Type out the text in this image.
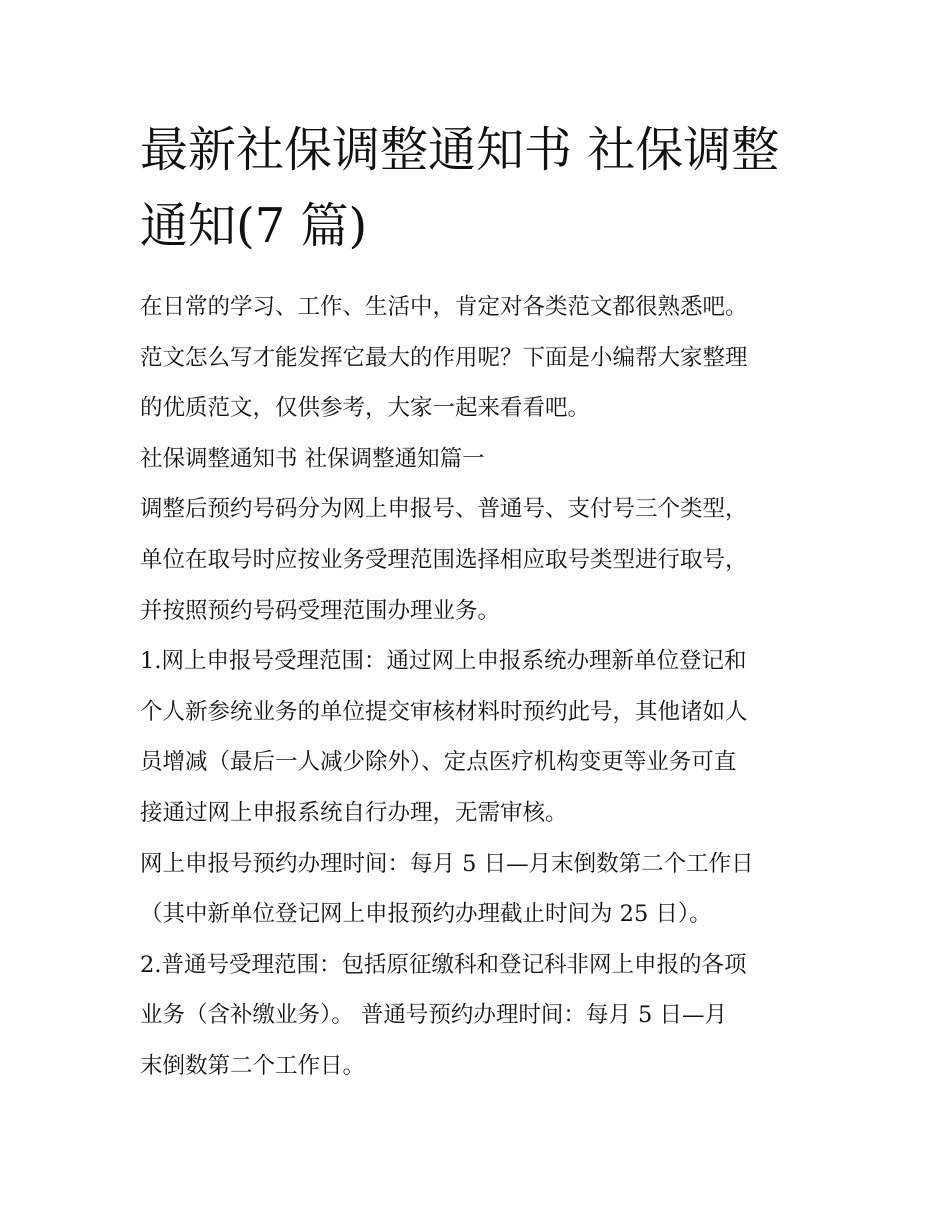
最新社保调整通知书 社保调整
通知(7 篇)

在日常的学习、工作、生活中，肯定对各类范文都很熟悉吧。
范文怎么写才能发挥它最大的作用呢？下面是小编帮大家整理
的优质范文，仅供参考，大家一起来看看吧。

社保调整通知书 社保调整通知篇一

调整后预约号码分为网上申报号、普通号、支付号三个类型，
单位在取号时应按业务受理范围选择相应取号类型进行取号，
并按照预约号码受理范围办理业务。

1.网上申报号受理范围：通过网上申报系统办理新单位登记和
个人新参统业务的单位提交审核材料时预约此号，其他诸如人
员增减（最后一人减少除外）、定点医疗机构变更等业务可直
接通过网上申报系统自行办理，无需审核。

网上申报号预约办理时间：每月 5 日—月末倒数第二个工作日
（其中新单位登记网上申报预约办理截止时间为 25 日）。

2.普通号受理范围：包括原征缴科和登记科非网上申报的各项
业务（含补缴业务）。 普通号预约办理时间：每月 5 日—月
末倒数第二个工作日。
